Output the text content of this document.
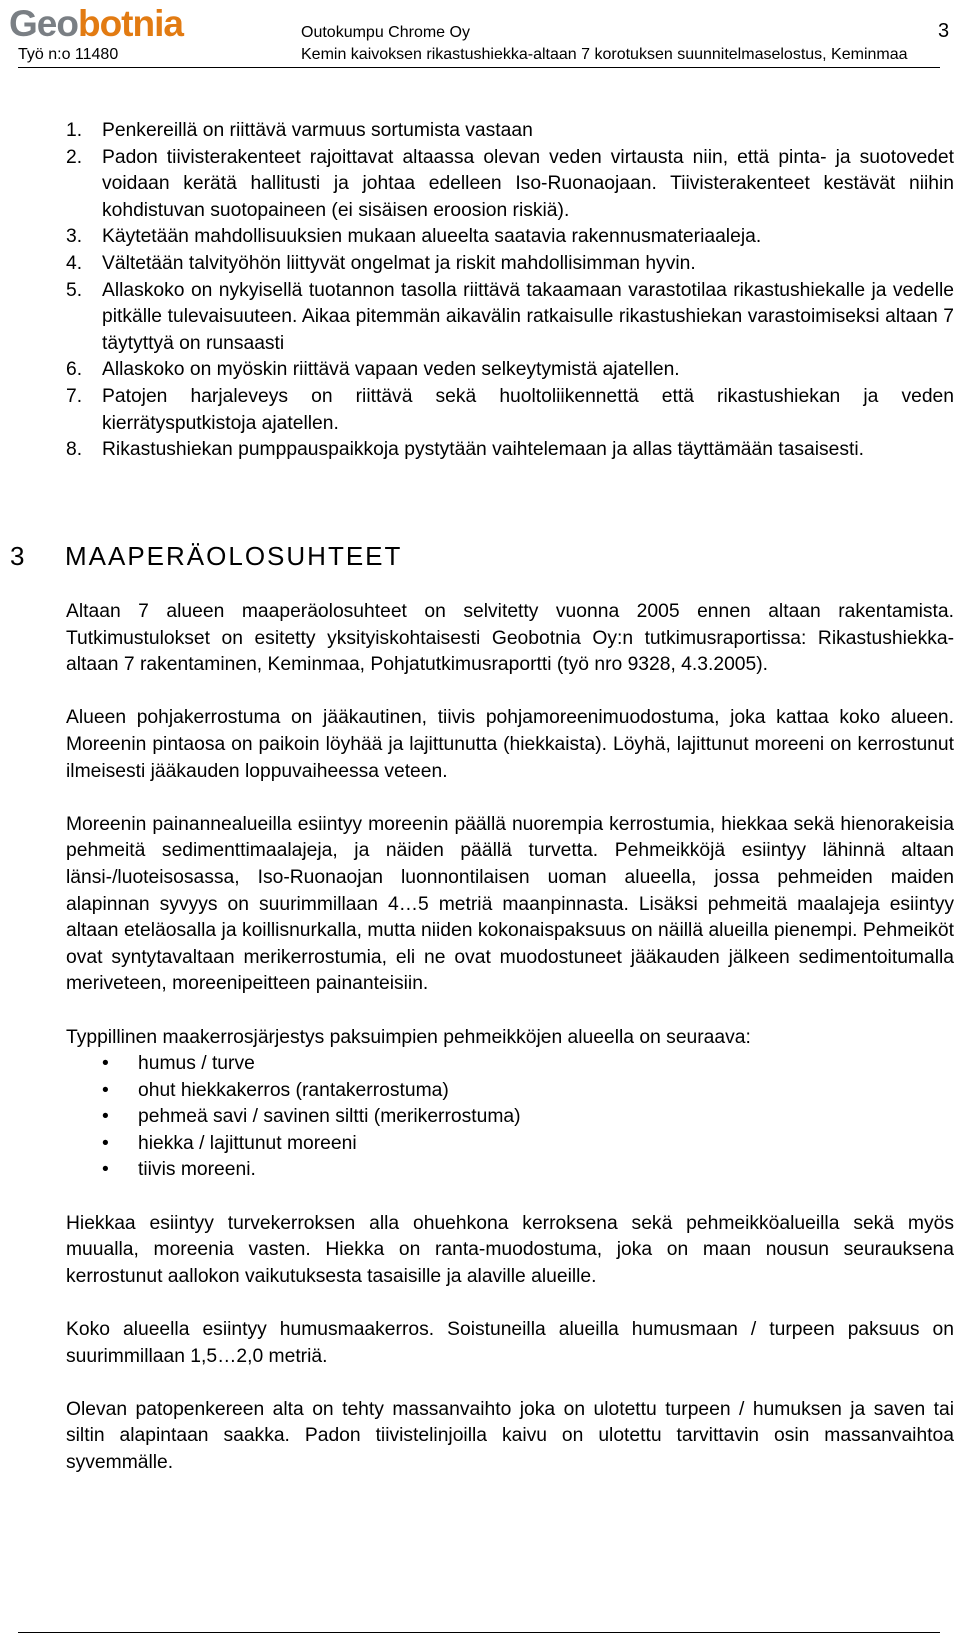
Geobotnia
Työ n:o 11480
Outokumpu Chrome Oy
Kemin kaivoksen rikastushiekka-altaan 7 korotuksen suunnitelmaselostus, Keminmaa
3
1. Penkereillä on riittävä varmuus sortumista vastaan
2. Padon tiivisterakenteet rajoittavat altaassa olevan veden virtausta niin, että pinta- ja suotovedet voidaan kerätä hallitusti ja johtaa edelleen Iso-Ruonaojaan. Tiivisterakenteet kestävät niihin kohdistuvan suotopaineen (ei sisäisen eroosion riskiä).
3. Käytetään mahdollisuuksien mukaan alueelta saatavia rakennusmateriaaleja.
4. Vältetään talvityöhön liittyvät ongelmat ja riskit mahdollisimman hyvin.
5. Allaskoko on nykyisellä tuotannon tasolla riittävä takaamaan varastotilaa rikastushiekalle ja vedelle pitkälle tulevaisuuteen. Aikaa pitemmän aikavälin ratkaisulle rikastushiekan varastoimiseksi altaan 7 täytyttyä on runsaasti
6. Allaskoko on myöskin riittävä vapaan veden selkeytymistä ajatellen.
7. Patojen harjaleveys on riittävä sekä huoltoliikennettä että rikastushiekan ja veden kierrätysputkistoja ajatellen.
8. Rikastushiekan pumppauspaikkoja pystytään vaihtelemaan ja allas täyttämään tasaisesti.
3 MAAPERÄOLOSUHTEET

Altaan 7 alueen maaperäolosuhteet on selvitetty vuonna 2005 ennen altaan rakentamista. Tutkimustulokset on esitetty yksityiskohtaisesti Geobotnia Oy:n tutkimusraportissa: Rikastushiekka-altaan 7 rakentaminen, Keminmaa, Pohjatutkimusraportti (työ nro 9328, 4.3.2005).

Alueen pohjakerrostuma on jääkautinen, tiivis pohjamoreenimuodostuma, joka kattaa koko alueen. Moreenin pintaosa on paikoin löyhää ja lajittunutta (hiekkaista). Löyhä, lajittunut moreeni on kerrostunut ilmeisesti jääkauden loppuvaiheessa veteen.

Moreenin painannealueilla esiintyy moreenin päällä nuorempia kerrostumia, hiekkaa sekä hienorakeisia pehmeitä sedimenttimaalajeja, ja näiden päällä turvetta. Pehmeikköjä esiintyy lähinnä altaan länsi-/luoteisosassa, Iso-Ruonaojan luonnontilaisen uoman alueella, jossa pehmeiden maiden alapinnan syvyys on suurimmillaan 4…5 metriä maanpinnasta. Lisäksi pehmeitä maalajeja esiintyy altaan eteläosalla ja koillisnurkalla, mutta niiden kokonaispaksuus on näillä alueilla pienempi. Pehmeiköt ovat syntytavaltaan merikerrostumia, eli ne ovat muodostuneet jääkauden jälkeen sedimentoitumalla meriveteen, moreenipeitteen painanteisiin.

Typpillinen maakerrosjärjestys paksuimpien pehmeikköjen alueella on seuraava:

• humus / turve
• ohut hiekkakerros (rantakerrostuma)
• pehmeä savi / savinen siltti (merikerrostuma)
• hiekka / lajittunut moreeni
• tiivis moreeni.

Hiekkaa esiintyy turvekerroksen alla ohuehkona kerroksena sekä pehmeikköalueilla sekä myös muualla, moreenia vasten. Hiekka on ranta-muodostuma, joka on maan nousun seurauksena kerrostunut aallokon vaikutuksesta tasaisille ja alaville alueille.

Koko alueella esiintyy humusmaakerros. Soistuneilla alueilla humusmaan / turpeen paksuus on suurimmillaan 1,5…2,0 metriä.

Olevan patopenkereen alta on tehty massanvaihto joka on ulotettu turpeen / humuksen ja saven tai siltin alapintaan saakka. Padon tiivistelinjoilla kaivu on ulotettu tarvittavin osin massanvaihtoa syvemmälle.
